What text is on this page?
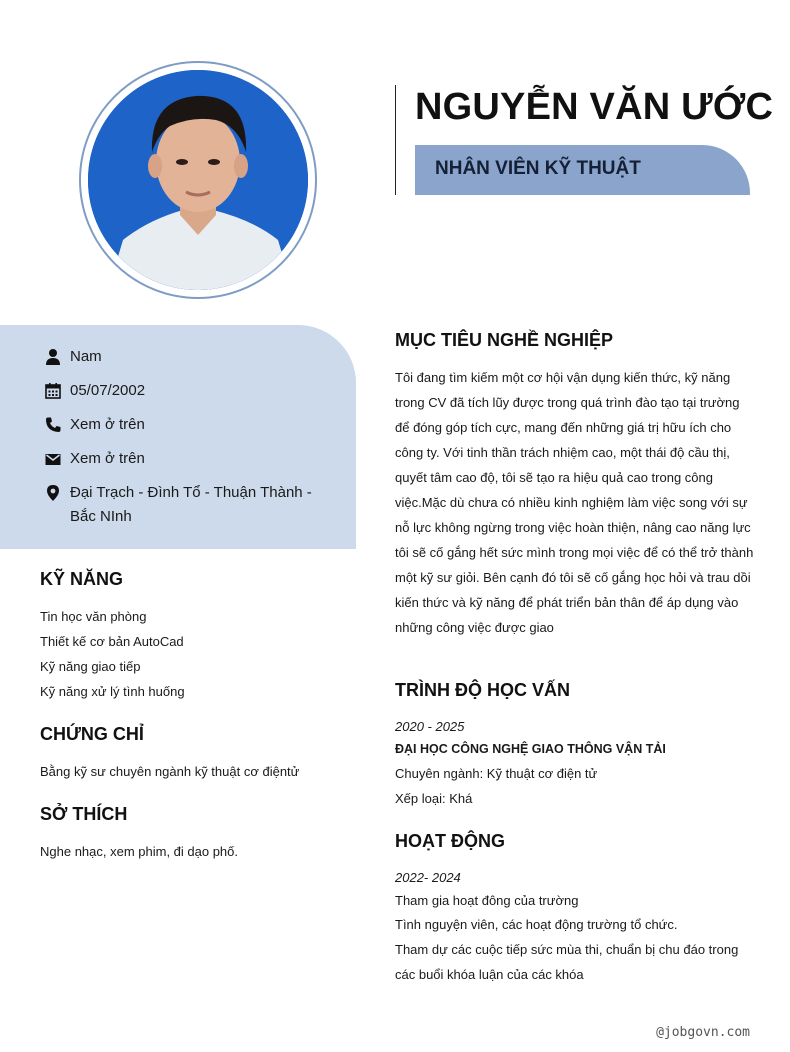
NGUYỄN VĂN ƯỚC
NHÂN VIÊN KỸ THUẬT
Nam
05/07/2002
Xem ở trên
Xem ở trên
Đại Trạch - Đình Tổ - Thuận Thành - Bắc NInh
KỸ NĂNG
Tin học văn phòng
Thiết kế cơ bản AutoCad
Kỹ năng giao tiếp
Kỹ năng xử lý tình huống
CHỨNG CHỈ
Bằng kỹ sư chuyên ngành kỹ thuật cơ điệntử
SỞ THÍCH
Nghe nhạc, xem phim, đi dạo phố.
MỤC TIÊU NGHỀ NGHIỆP
Tôi đang tìm kiếm một cơ hội vận dụng kiến thức, kỹ năng trong CV đã tích lũy được trong quá trình đào tạo tại trường để đóng góp tích cực, mang đến những giá trị hữu ích cho công ty. Với tinh thần trách nhiệm cao, một thái độ cầu thị, quyết tâm cao độ, tôi sẽ tạo ra hiệu quả cao trong công việc.Mặc dù chưa có nhiều kinh nghiệm làm việc song với sự nỗ lực không ngừng trong việc hoàn thiện, nâng cao năng lực tôi sẽ cố gắng hết sức mình trong mọi việc để có thể trở thành một kỹ sư giỏi. Bên cạnh đó tôi sẽ cố gắng học hỏi và trau dồi kiến thức và kỹ năng để phát triển bản thân để áp dụng vào những công việc được giao
TRÌNH ĐỘ HỌC VẤN
2020 - 2025
ĐẠI HỌC CÔNG NGHỆ GIAO THÔNG VẬN TẢI
Chuyên ngành: Kỹ thuật cơ điện tử
Xếp loại: Khá
HOẠT ĐỘNG
2022- 2024
Tham gia hoạt đông của trường
Tình nguyện viên, các hoạt động trường tổ chức.
Tham dự các cuộc tiếp sức mùa thi, chuẩn bị chu đáo trong
các buổi khóa luận của các khóa
@jobgovn.com
